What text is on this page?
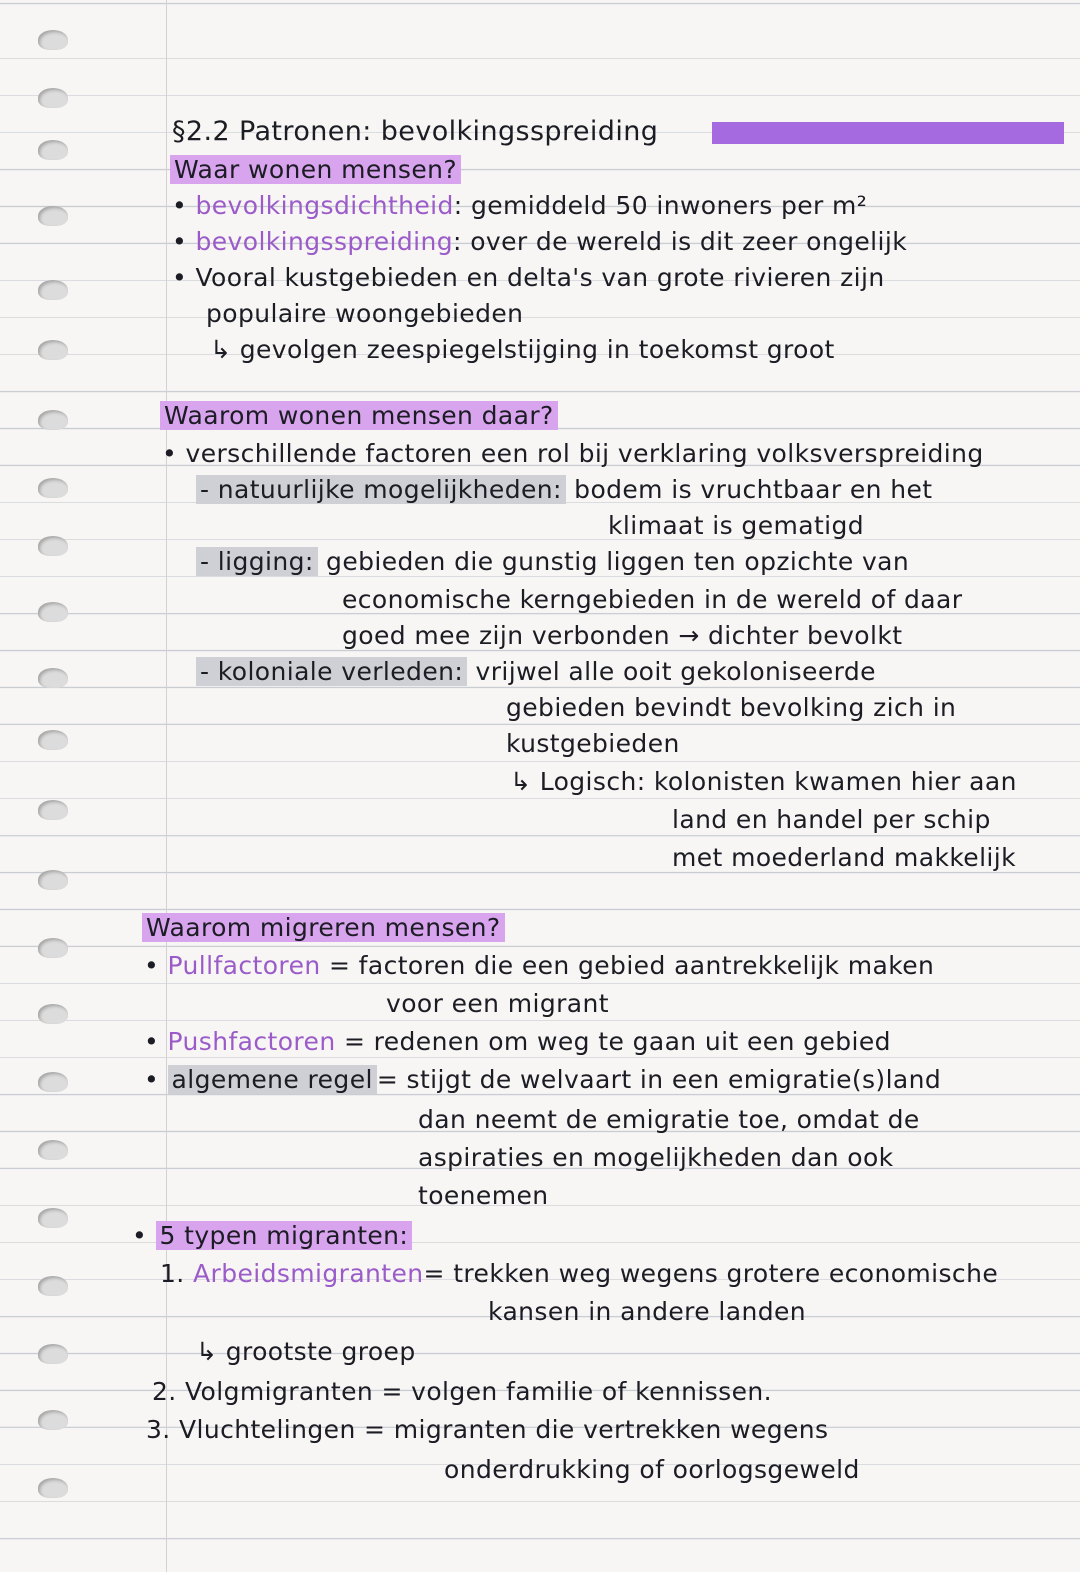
§2.2 Patronen: bevolkingsspreiding
Waar wonen mensen?
• bevolkingsdichtheid: gemiddeld 50 inwoners per m²
• bevolkingsspreiding: over de wereld is dit zeer ongelijk
• Vooral kustgebieden en delta's van grote rivieren zijn
populaire woongebieden
↳ gevolgen zeespiegelstijging in toekomst groot
Waarom wonen mensen daar?
• verschillende factoren een rol bij verklaring volksverspreiding
- natuurlijke mogelijkheden: bodem is vruchtbaar en het
klimaat is gematigd
- ligging: gebieden die gunstig liggen ten opzichte van
economische kerngebieden in de wereld of daar
goed mee zijn verbonden → dichter bevolkt
- koloniale verleden: vrijwel alle ooit gekoloniseerde
gebieden bevindt bevolking zich in
kustgebieden
↳ Logisch: kolonisten kwamen hier aan
land en handel per schip
met moederland makkelijk
Waarom migreren mensen?
• Pullfactoren = factoren die een gebied aantrekkelijk maken
voor een migrant
• Pushfactoren = redenen om weg te gaan uit een gebied
• algemene regel = stijgt de welvaart in een emigratie(s)land
dan neemt de emigratie toe, omdat de
aspiraties en mogelijkheden dan ook
toenemen
• 5 typen migranten:
1. Arbeidsmigranten= trekken weg wegens grotere economische
kansen in andere landen
↳ grootste groep
2. Volgmigranten = volgen familie of kennissen.
3. Vluchtelingen = migranten die vertrekken wegens
onderdrukking of oorlogsgeweld
